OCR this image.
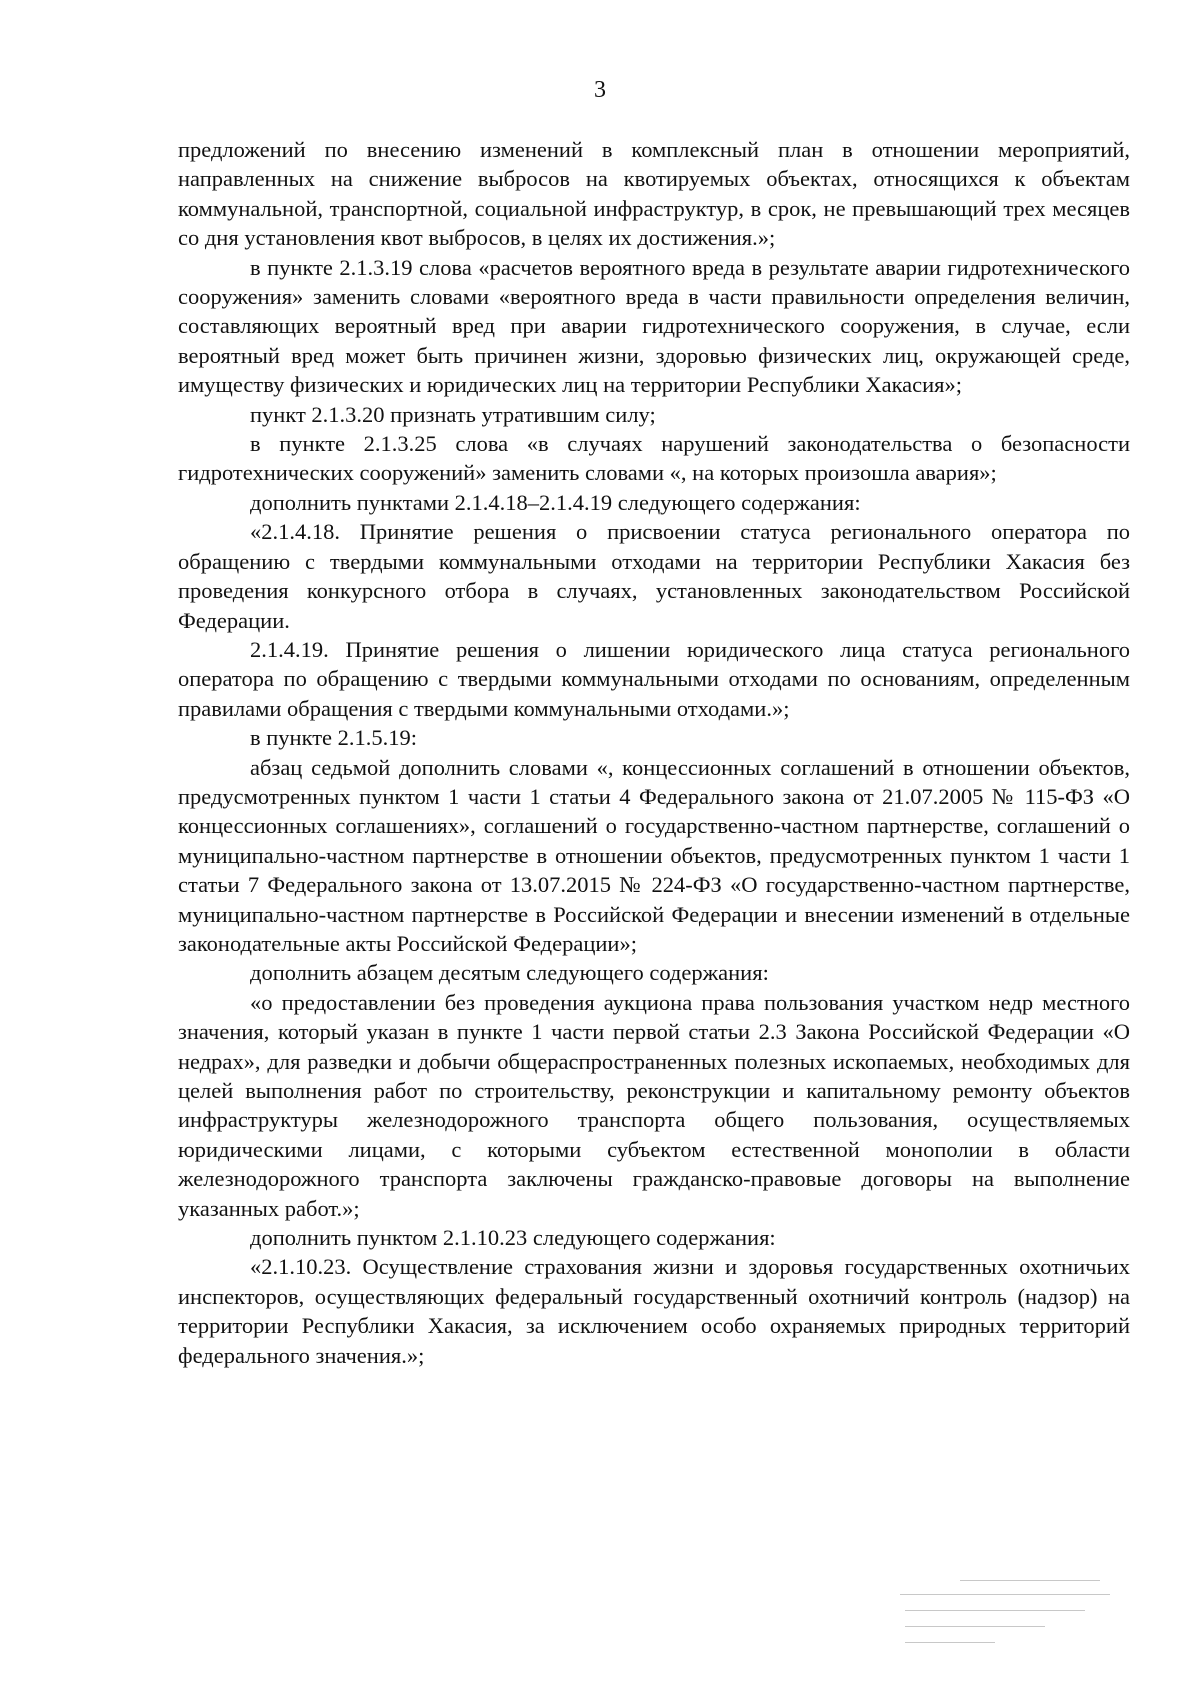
3

предложений по внесению изменений в комплексный план в отношении мероприятий, направленных на снижение выбросов на квотируемых объектах, относящихся к объектам коммунальной, транспортной, социальной инфраструктур, в срок, не превышающий трех месяцев со дня установления квот выбросов, в целях их достижения.»;

в пункте 2.1.3.19 слова «расчетов вероятного вреда в результате аварии гидротехнического сооружения» заменить словами «вероятного вреда в части правильности определения величин, составляющих вероятный вред при аварии гидротехнического сооружения, в случае, если вероятный вред может быть причинен жизни, здоровью физических лиц, окружающей среде, имуществу физических и юридических лиц на территории Республики Хакасия»;

пункт 2.1.3.20 признать утратившим силу;

в пункте 2.1.3.25 слова «в случаях нарушений законодательства о безопасности гидротехнических сооружений» заменить словами «, на которых произошла авария»;

дополнить пунктами 2.1.4.18–2.1.4.19 следующего содержания:

«2.1.4.18. Принятие решения о присвоении статуса регионального оператора по обращению с твердыми коммунальными отходами на территории Республики Хакасия без проведения конкурсного отбора в случаях, установленных законодательством Российской Федерации.

2.1.4.19. Принятие решения о лишении юридического лица статуса регионального оператора по обращению с твердыми коммунальными отходами по основаниям, определенным правилами обращения с твердыми коммунальными отходами.»;

в пункте 2.1.5.19:

абзац седьмой дополнить словами «, концессионных соглашений в отношении объектов, предусмотренных пунктом 1 части 1 статьи 4 Федерального закона от 21.07.2005 № 115-ФЗ «О концессионных соглашениях», соглашений о государственно-частном партнерстве, соглашений о муниципально-частном партнерстве в отношении объектов, предусмотренных пунктом 1 части 1 статьи 7 Федерального закона от 13.07.2015 № 224-ФЗ «О государственно-частном партнерстве, муниципально-частном партнерстве в Российской Федерации и внесении изменений в отдельные законодательные акты Российской Федерации»;

дополнить абзацем десятым следующего содержания:

«о предоставлении без проведения аукциона права пользования участком недр местного значения, который указан в пункте 1 части первой статьи 2.3 Закона Российской Федерации «О недрах», для разведки и добычи общераспространенных полезных ископаемых, необходимых для целей выполнения работ по строительству, реконструкции и капитальному ремонту объектов инфраструктуры железнодорожного транспорта общего пользования, осуществляемых юридическими лицами, с которыми субъектом естественной монополии в области железнодорожного транспорта заключены гражданско-правовые договоры на выполнение указанных работ.»;

дополнить пунктом 2.1.10.23 следующего содержания:

«2.1.10.23. Осуществление страхования жизни и здоровья государственных охотничьих инспекторов, осуществляющих федеральный государственный охотничий контроль (надзор) на территории Республики Хакасия, за исключением особо охраняемых природных территорий федерального значения.»;
